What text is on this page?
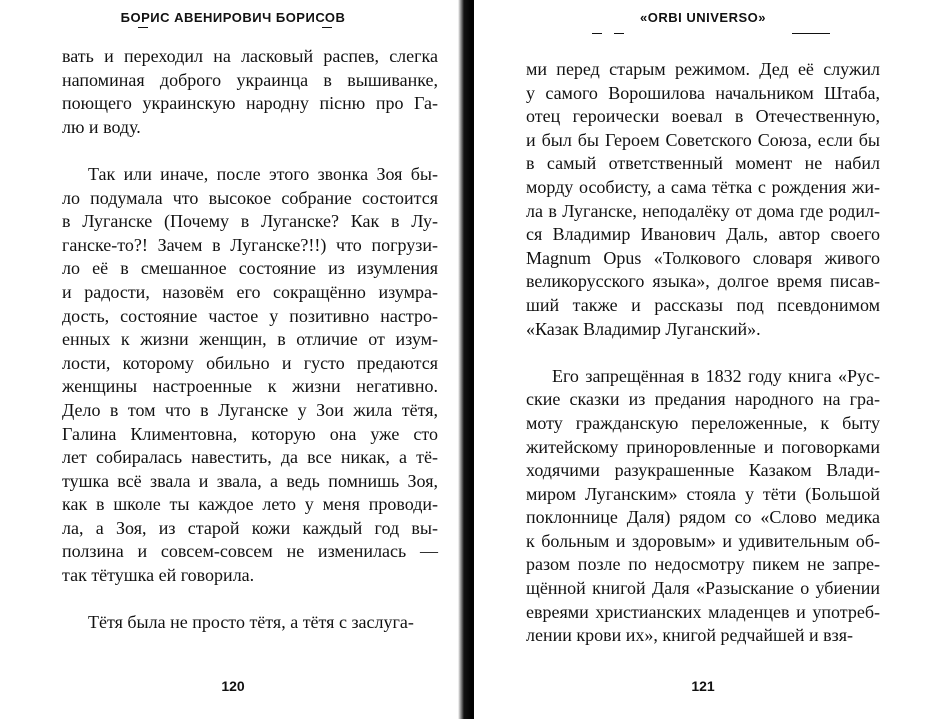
БОРИС АВЕНИРОВИЧ БОРИСОВ
вать и переходил на ласковый распев, слегка
напоминая доброго украинца в вышиванке,
поющего украинскую народну пiсню про Га-
лю и воду.
Так или иначе, после этого звонка Зоя бы-
ло подумала что высокое собрание состоится
в Луганске (Почему в Луганске? Как в Лу-
ганске-то?! Зачем в Луганске?!!) что погрузи-
ло её в смешанное состояние из изумления
и радости, назовём его сокращённо изумра-
дость, состояние частое у позитивно настро-
енных к жизни женщин, в отличие от изум-
лости, которому обильно и густо предаются
женщины настроенные к жизни негативно.
Дело в том что в Луганске у Зои жила тётя,
Галина Климентовна, которую она уже сто
лет собиралась навестить, да все никак, а тё-
тушка всё звала и звала, а ведь помнишь Зоя,
как в школе ты каждое лето у меня проводи-
ла, а Зоя, из старой кожи каждый год вы-
ползина и совсем-совсем не изменилась —
так тётушка ей говорила.
Тётя была не просто тётя, а тётя с заслуга-
120
«ORBI UNIVERSO»
ми перед старым режимом. Дед её служил
у самого Ворошилова начальником Штаба,
отец героически воевал в Отечественную,
и был бы Героем Советского Союза, если бы
в самый ответственный момент не набил
морду особисту, а сама тётка с рождения жи-
ла в Луганске, неподалёку от дома где родил-
ся Владимир Иванович Даль, автор своего
Magnum Opus «Толкового словаря живого
великорусского языка», долгое время писав-
ший также и рассказы под псевдонимом
«Казак Владимир Луганский».
Его запрещённая в 1832 году книга «Рус-
ские сказки из предания народного на гра-
моту гражданскую переложенные, к быту
житейскому приноровленные и поговорками
ходячими разукрашенные Казаком Влади-
миром Луганским» стояла у тёти (Большой
поклоннице Даля) рядом со «Слово медика
к больным и здоровым» и удивительным об-
разом позле по недосмотру пикем не запре-
щённой книгой Даля «Разыскание о убиении
евреями христианских младенцев и употреб-
лении крови их», книгой редчайшей и взя-
121
